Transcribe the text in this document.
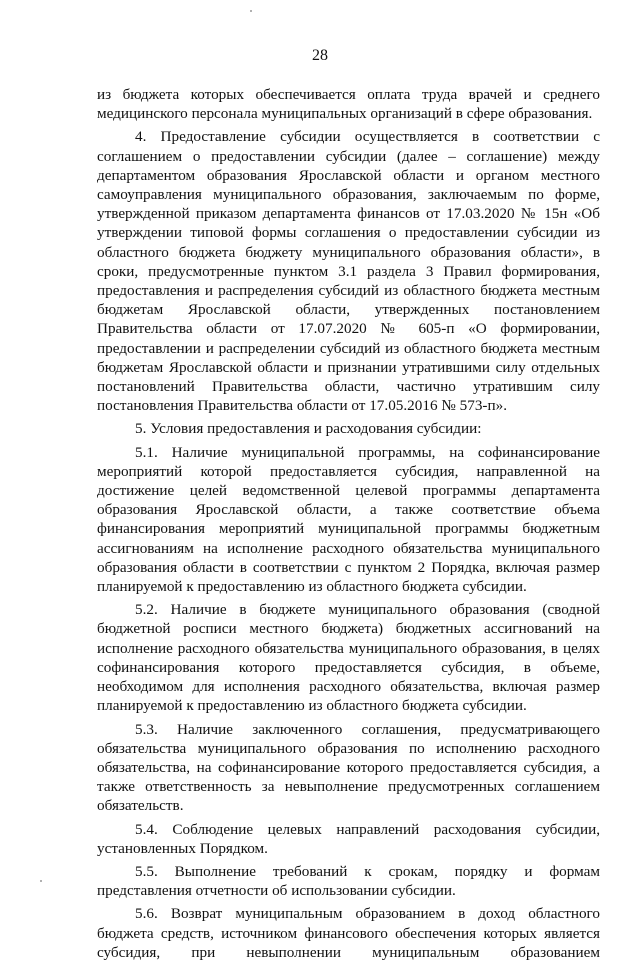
28

из бюджета которых обеспечивается оплата труда врачей и среднего медицинского персонала муниципальных организаций в сфере образования.

4. Предоставление субсидии осуществляется в соответствии с соглашением о предоставлении субсидии (далее – соглашение) между департаментом образования Ярославской области и органом местного самоуправления муниципального образования, заключаемым по форме, утвержденной приказом департамента финансов от 17.03.2020 № 15н «Об утверждении типовой формы соглашения о предоставлении субсидии из областного бюджета бюджету муниципального образования области», в сроки, предусмотренные пунктом 3.1 раздела 3 Правил формирования, предоставления и распределения субсидий из областного бюджета местным бюджетам Ярославской области, утвержденных постановлением Правительства области от 17.07.2020 № 605-п «О формировании, предоставлении и распределении субсидий из областного бюджета местным бюджетам Ярославской области и признании утратившими силу отдельных постановлений Правительства области, частично утратившим силу постановления Правительства области от 17.05.2016 № 573-п».

5. Условия предоставления и расходования субсидии:

5.1. Наличие муниципальной программы, на софинансирование мероприятий которой предоставляется субсидия, направленной на достижение целей ведомственной целевой программы департамента образования Ярославской области, а также соответствие объема финансирования мероприятий муниципальной программы бюджетным ассигнованиям на исполнение расходного обязательства муниципального образования области в соответствии с пунктом 2 Порядка, включая размер планируемой к предоставлению из областного бюджета субсидии.

5.2. Наличие в бюджете муниципального образования (сводной бюджетной росписи местного бюджета) бюджетных ассигнований на исполнение расходного обязательства муниципального образования, в целях софинансирования которого предоставляется субсидия, в объеме, необходимом для исполнения расходного обязательства, включая размер планируемой к предоставлению из областного бюджета субсидии.

5.3. Наличие заключенного соглашения, предусматривающего обязательства муниципального образования по исполнению расходного обязательства, на софинансирование которого предоставляется субсидия, а также ответственность за невыполнение предусмотренных соглашением обязательств.

5.4. Соблюдение целевых направлений расходования субсидии, установленных Порядком.

5.5. Выполнение требований к срокам, порядку и формам представления отчетности об использовании субсидии.

5.6. Возврат муниципальным образованием в доход областного бюджета средств, источником финансового обеспечения которых является субсидия, при невыполнении муниципальным образованием
